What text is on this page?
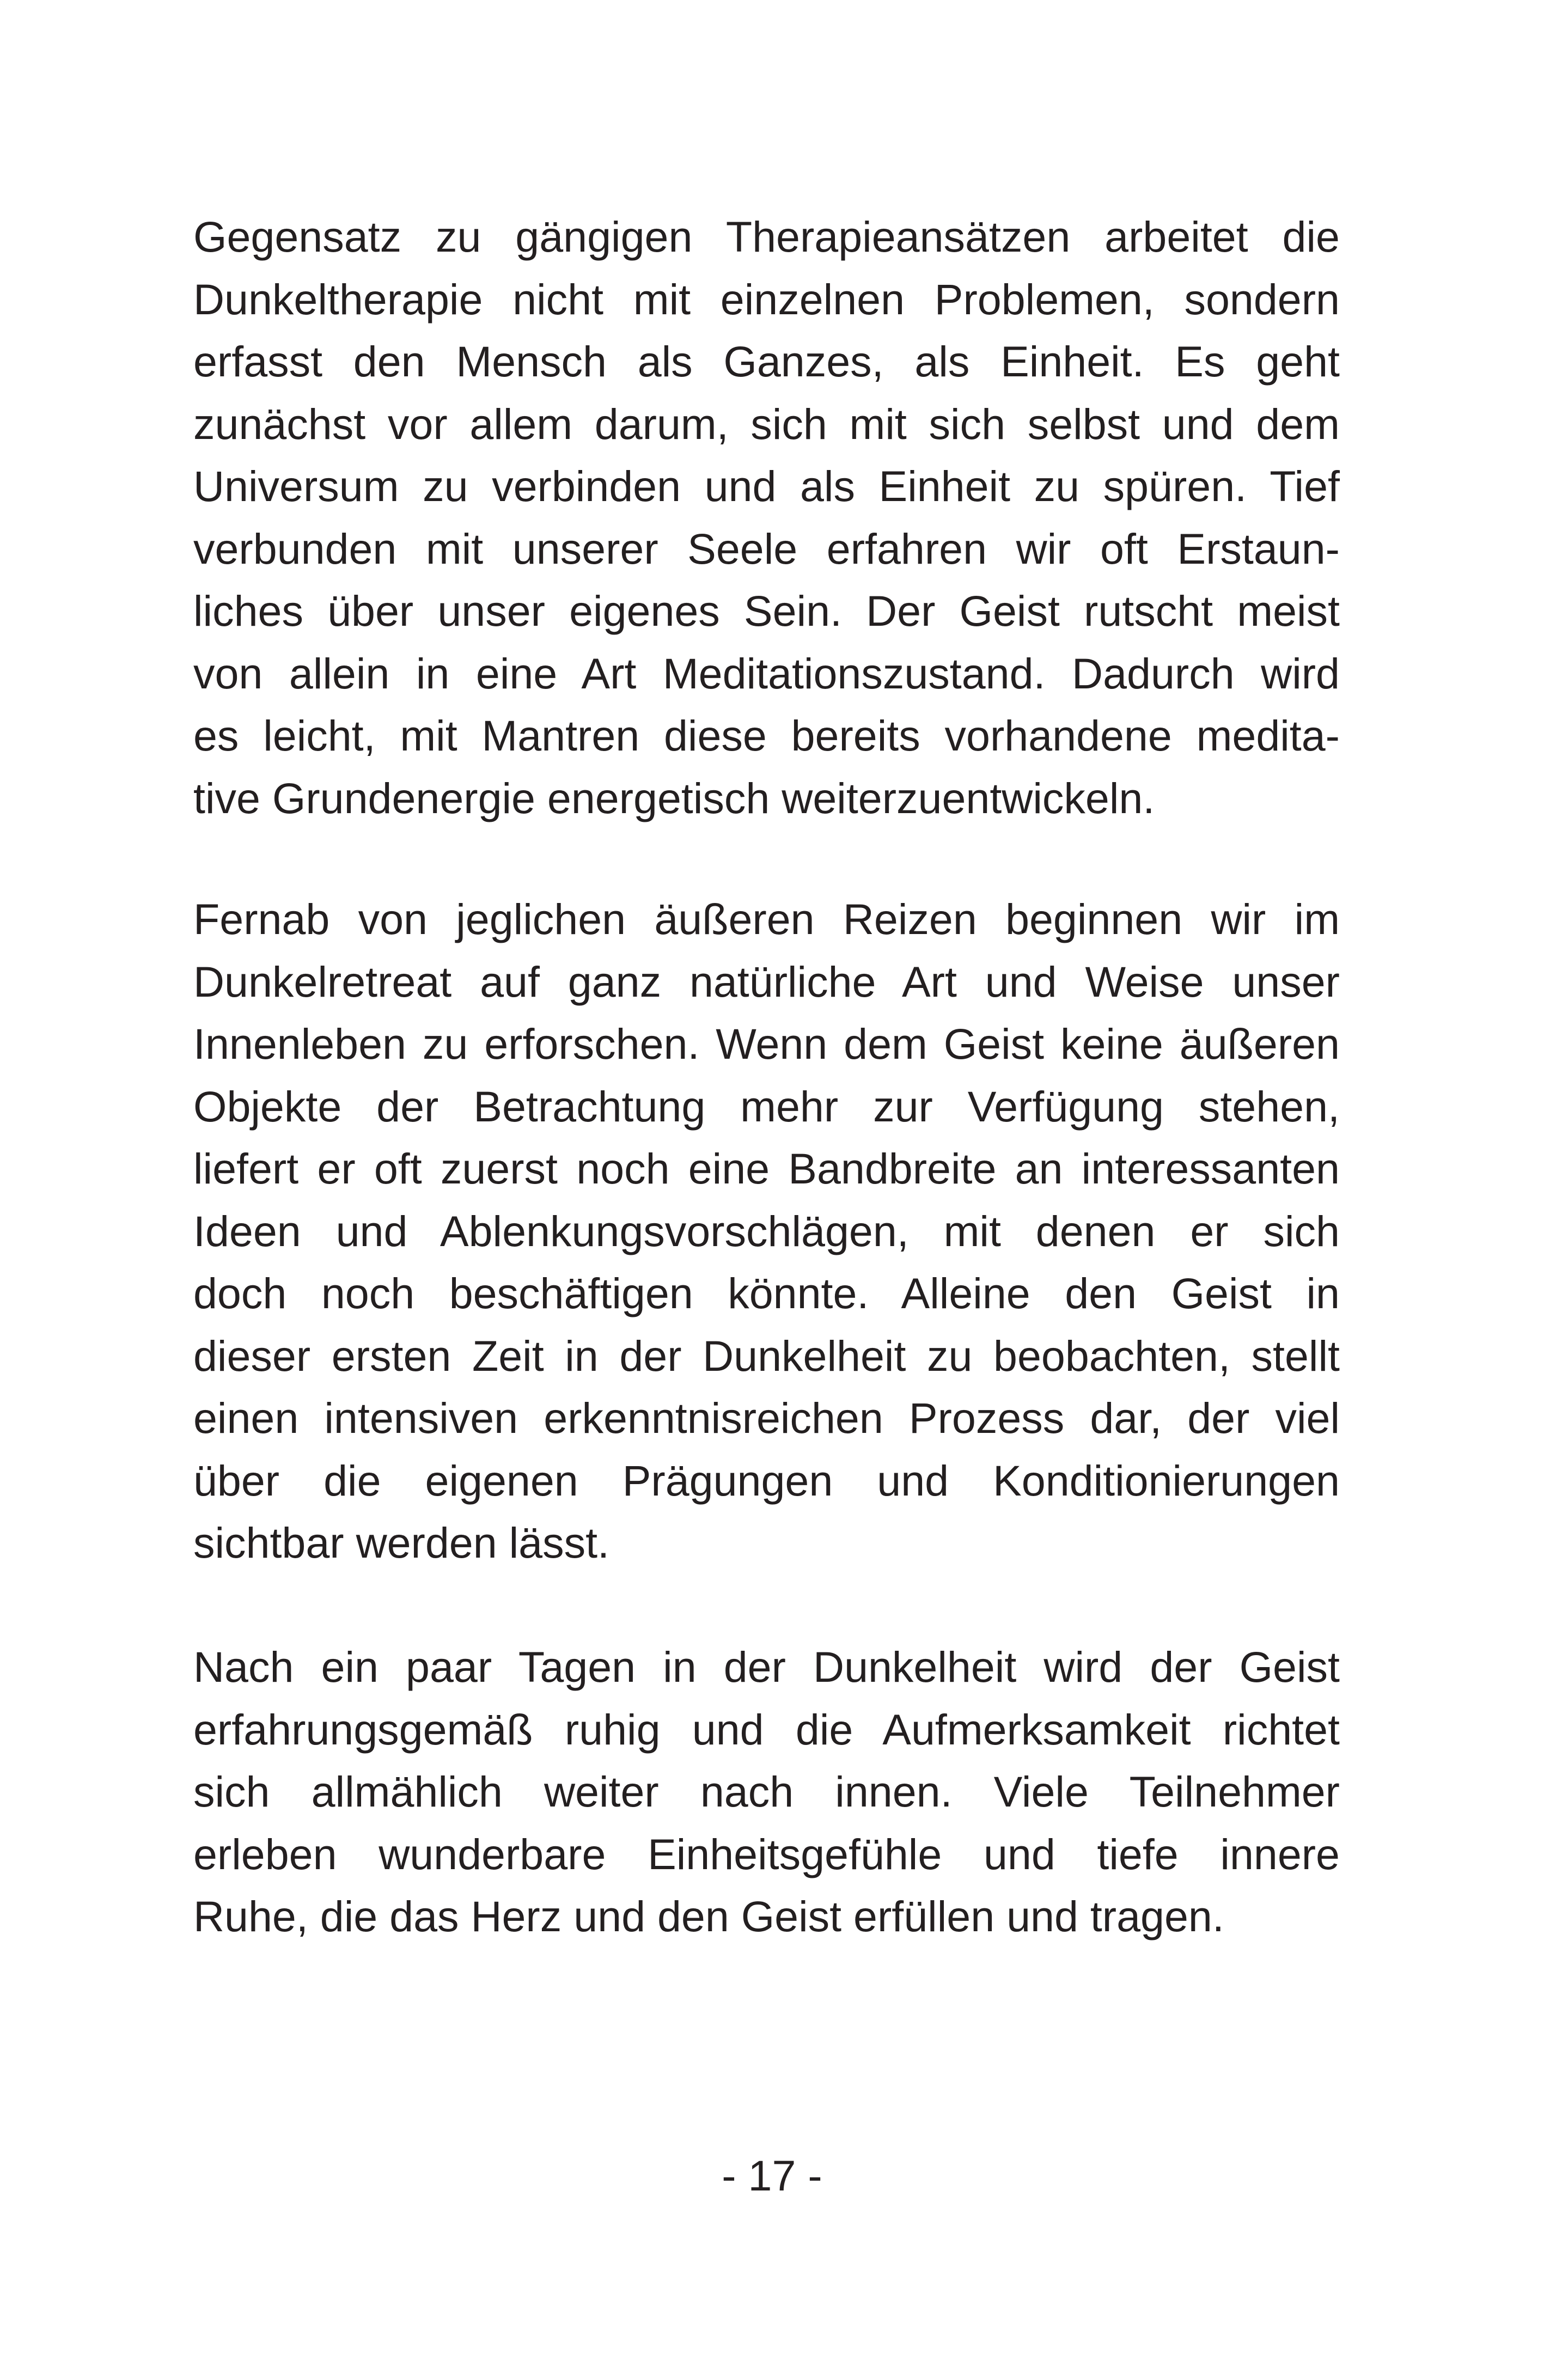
Gegensatz zu gängigen Therapieansätzen arbeitet die
Dunkeltherapie nicht mit einzelnen Problemen, sondern
erfasst den Mensch als Ganzes, als Einheit. Es geht
zunächst vor allem darum, sich mit sich selbst und dem
Universum zu verbinden und als Einheit zu spüren. Tief
verbunden mit unserer Seele erfahren wir oft Erstaun-
liches über unser eigenes Sein. Der Geist rutscht meist
von allein in eine Art Meditationszustand. Dadurch wird
es leicht, mit Mantren diese bereits vorhandene medita-
tive Grundenergie energetisch weiterzuentwickeln.
Fernab von jeglichen äußeren Reizen beginnen wir im
Dunkelretreat auf ganz natürliche Art und Weise unser
Innenleben zu erforschen. Wenn dem Geist keine äußeren
Objekte der Betrachtung mehr zur Verfügung stehen,
liefert er oft zuerst noch eine Bandbreite an interessanten
Ideen und Ablenkungsvorschlägen, mit denen er sich
doch noch beschäftigen könnte. Alleine den Geist in
dieser ersten Zeit in der Dunkelheit zu beobachten, stellt
einen intensiven erkenntnisreichen Prozess dar, der viel
über die eigenen Prägungen und Konditionierungen
sichtbar werden lässt.
Nach ein paar Tagen in der Dunkelheit wird der Geist
erfahrungsgemäß ruhig und die Aufmerksamkeit richtet
sich allmählich weiter nach innen. Viele Teilnehmer
erleben wunderbare Einheitsgefühle und tiefe innere
Ruhe, die das Herz und den Geist erfüllen und tragen.
- 17 -
